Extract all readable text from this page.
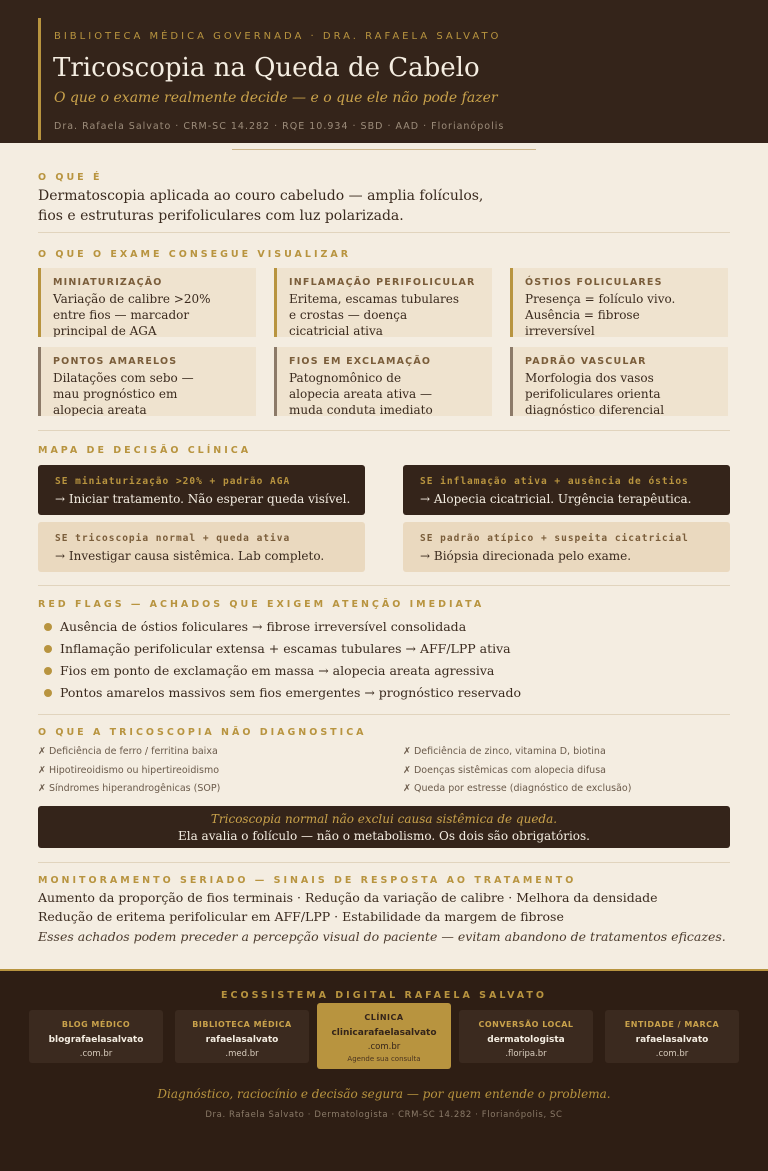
BIBLIOTECA MÉDICA GOVERNADA · DRA. RAFAELA SALVATO
Tricoscopia na Queda de Cabelo
O que o exame realmente decide — e o que ele não pode fazer
Dra. Rafaela Salvato · CRM-SC 14.282 · RQE 10.934 · SBD · AAD · Florianópolis
O QUE É
Dermatoscopia aplicada ao couro cabeludo — amplia folículos,
fios e estruturas perifoliculares com luz polarizada.
O QUE O EXAME CONSEGUE VISUALIZAR
MINIATURIZAÇÃO
Variação de calibre >20%
entre fios — marcador
principal de AGA
INFLAMAÇÃO PERIFOLICULAR
Eritema, escamas tubulares
e crostas — doença
cicatricial ativa
ÓSTIOS FOLICULARES
Presença = folículo vivo.
Ausência = fibrose
irreversível
PONTOS AMARELOS
Dilatações com sebo —
mau prognóstico em
alopecia areata
FIOS EM EXCLAMAÇÃO
Patognomônico de
alopecia areata ativa —
muda conduta imediato
PADRÃO VASCULAR
Morfologia dos vasos
perifoliculares orienta
diagnóstico diferencial
MAPA DE DECISÃO CLÍNICA
SE miniaturização >20% + padrão AGA
→ Iniciar tratamento. Não esperar queda visível.
SE inflamação ativa + ausência de óstios
→ Alopecia cicatricial. Urgência terapêutica.
SE tricoscopia normal + queda ativa
→ Investigar causa sistêmica. Lab completo.
SE padrão atípico + suspeita cicatricial
→ Biópsia direcionada pelo exame.
RED FLAGS — ACHADOS QUE EXIGEM ATENÇÃO IMEDIATA
Ausência de óstios foliculares → fibrose irreversível consolidada
Inflamação perifolicular extensa + escamas tubulares → AFF/LPP ativa
Fios em ponto de exclamação em massa → alopecia areata agressiva
Pontos amarelos massivos sem fios emergentes → prognóstico reservado
O QUE A TRICOSCOPIA NÃO DIAGNOSTICA
✗ Deficiência de ferro / ferritina baixa	✗ Deficiência de zinco, vitamina D, biotina
✗ Hipotireoidismo ou hipertireoidismo	✗ Doenças sistêmicas com alopecia difusa
✗ Síndromes hiperandrogênicas (SOP)	✗ Queda por estresse (diagnóstico de exclusão)
Tricoscopia normal não exclui causa sistêmica de queda.
Ela avalia o folículo — não o metabolismo. Os dois são obrigatórios.
MONITORAMENTO SERIADO — SINAIS DE RESPOSTA AO TRATAMENTO
Aumento da proporção de fios terminais · Redução da variação de calibre · Melhora da densidade
Redução de eritema perifolicular em AFF/LPP · Estabilidade da margem de fibrose
Esses achados podem preceder a percepção visual do paciente — evitam abandono de tratamentos eficazes.
ECOSSISTEMA DIGITAL RAFAELA SALVATO
BLOG MÉDICO
blografaelasalvato
.com.br
BIBLIOTECA MÉDICA
rafaelasalvato
.med.br
CLÍNICA
clinicarafaelasalvato
.com.br
Agende sua consulta
CONVERSÃO LOCAL
dermatologista
.floripa.br
ENTIDADE / MARCA
rafaelasalvato
.com.br
Diagnóstico, raciocínio e decisão segura — por quem entende o problema.
Dra. Rafaela Salvato · Dermatologista · CRM-SC 14.282 · Florianópolis, SC
